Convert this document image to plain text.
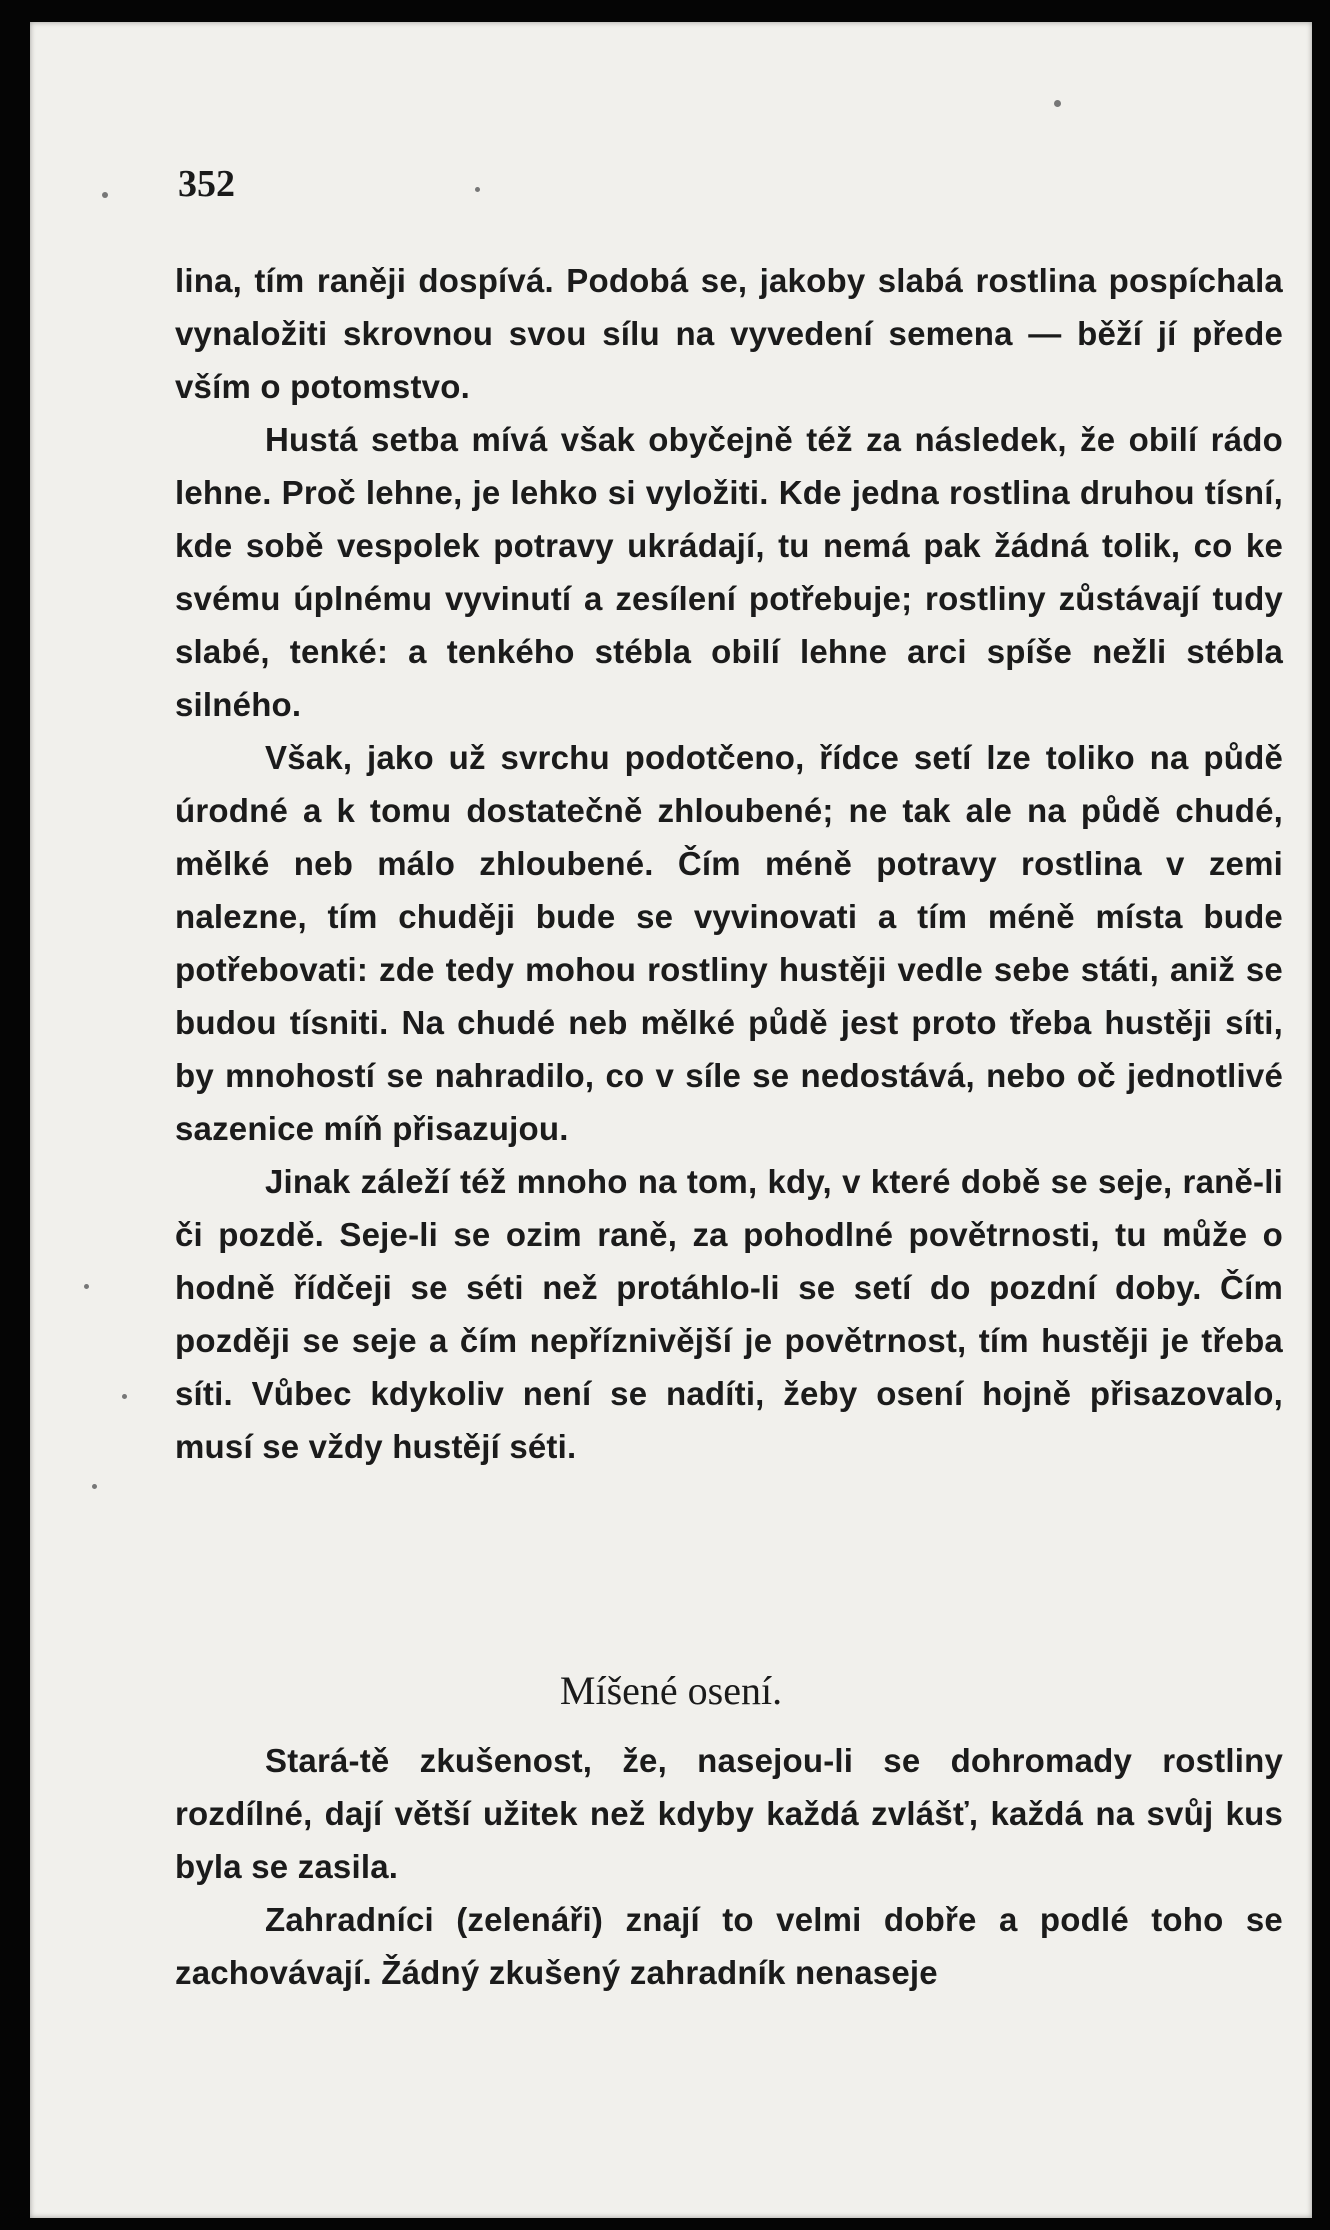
352

lina, tím raněji dospívá. Podobá se, jakoby slabá rostlina pospíchala vynaložiti skrovnou svou sílu na vyvedení semena — běží jí přede vším o potomstvo.

Hustá setba mívá však obyčejně též za následek, že obilí rádo lehne. Proč lehne, je lehko si vyložiti. Kde jedna rostlina druhou tísní, kde sobě vespolek potravy ukrádají, tu nemá pak žádná tolik, co ke svému úplnému vyvinutí a zesílení potřebuje; rostliny zůstávají tudy slabé, tenké: a tenkého stébla obilí lehne arci spíše nežli stébla silného.

Však, jako už svrchu podotčeno, řídce setí lze toliko na půdě úrodné a k tomu dostatečně zhloubené; ne tak ale na půdě chudé, mělké neb málo zhloubené. Čím méně potravy rostlina v zemi nalezne, tím chuději bude se vyvinovati a tím méně místa bude potřebovati: zde tedy mohou rostliny hustěji vedle sebe státi, aniž se budou tísniti. Na chudé neb mělké půdě jest proto třeba hustěji síti, by mnohostí se nahradilo, co v síle se nedostává, nebo oč jednotlivé sazenice míň přisazujou.

Jinak záleží též mnoho na tom, kdy, v které době se seje, raně-li či pozdě. Seje-li se ozim raně, za pohodlné povětrnosti, tu může o hodně řídčeji se séti než protáhlo-li se setí do pozdní doby. Čím později se seje a čím nepříznivější je povětrnost, tím hustěji je třeba síti. Vůbec kdykoliv není se nadíti, žeby osení hojně přisazovalo, musí se vždy hustějí séti.

Míšené osení.

Stará-tě zkušenost, že, nasejou-li se dohromady rostliny rozdílné, dají větší užitek než kdyby každá zvlášť, každá na svůj kus byla se zasila.

Zahradníci (zelenáři) znají to velmi dobře a podlé toho se zachovávají. Žádný zkušený zahradník nenaseje
